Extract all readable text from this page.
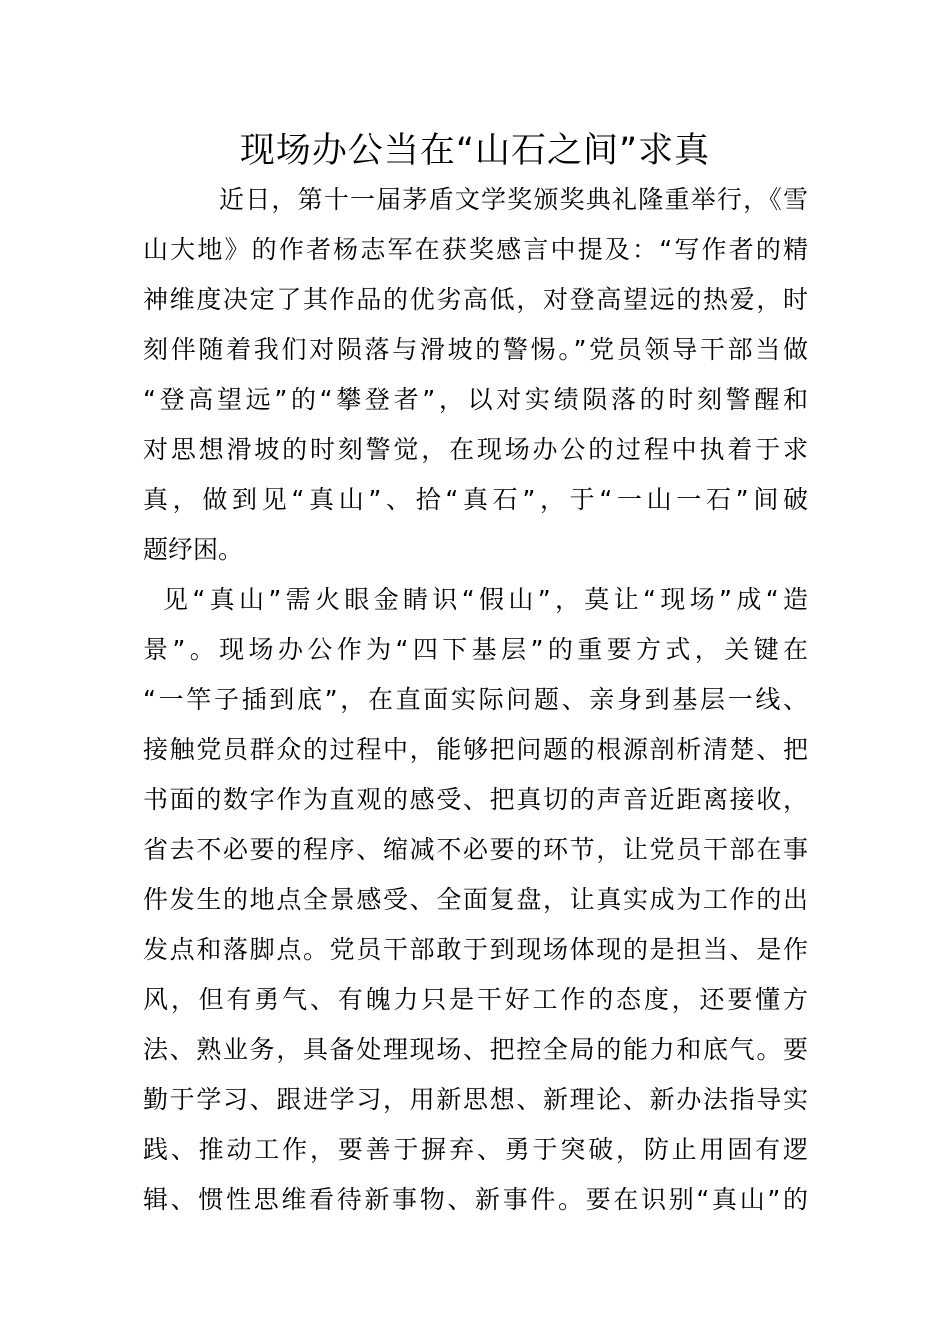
现场办公当在“山石之间”求真
近日，第十一届茅盾文学奖颁奖典礼隆重举行，《雪
山大地》的作者杨志军在获奖感言中提及：“写作者的精
神维度决定了其作品的优劣高低，对登高望远的热爱，时
刻伴随着我们对陨落与滑坡的警惕。”党员领导干部当做
“登高望远”的“攀登者”，以对实绩陨落的时刻警醒和
对思想滑坡的时刻警觉，在现场办公的过程中执着于求
真，做到见“真山”、拾“真石”，于“一山一石”间破
题纾困。
见“真山”需火眼金睛识“假山”，莫让“现场”成“造
景”。现场办公作为“四下基层”的重要方式，关键在
“一竿子插到底”，在直面实际问题、亲身到基层一线、
接触党员群众的过程中，能够把问题的根源剖析清楚、把
书面的数字作为直观的感受、把真切的声音近距离接收，
省去不必要的程序、缩减不必要的环节，让党员干部在事
件发生的地点全景感受、全面复盘，让真实成为工作的出
发点和落脚点。党员干部敢于到现场体现的是担当、是作
风，但有勇气、有魄力只是干好工作的态度，还要懂方
法、熟业务，具备处理现场、把控全局的能力和底气。要
勤于学习、跟进学习，用新思想、新理论、新办法指导实
践、推动工作，要善于摒弃、勇于突破，防止用固有逻
辑、惯性思维看待新事物、新事件。要在识别“真山”的
